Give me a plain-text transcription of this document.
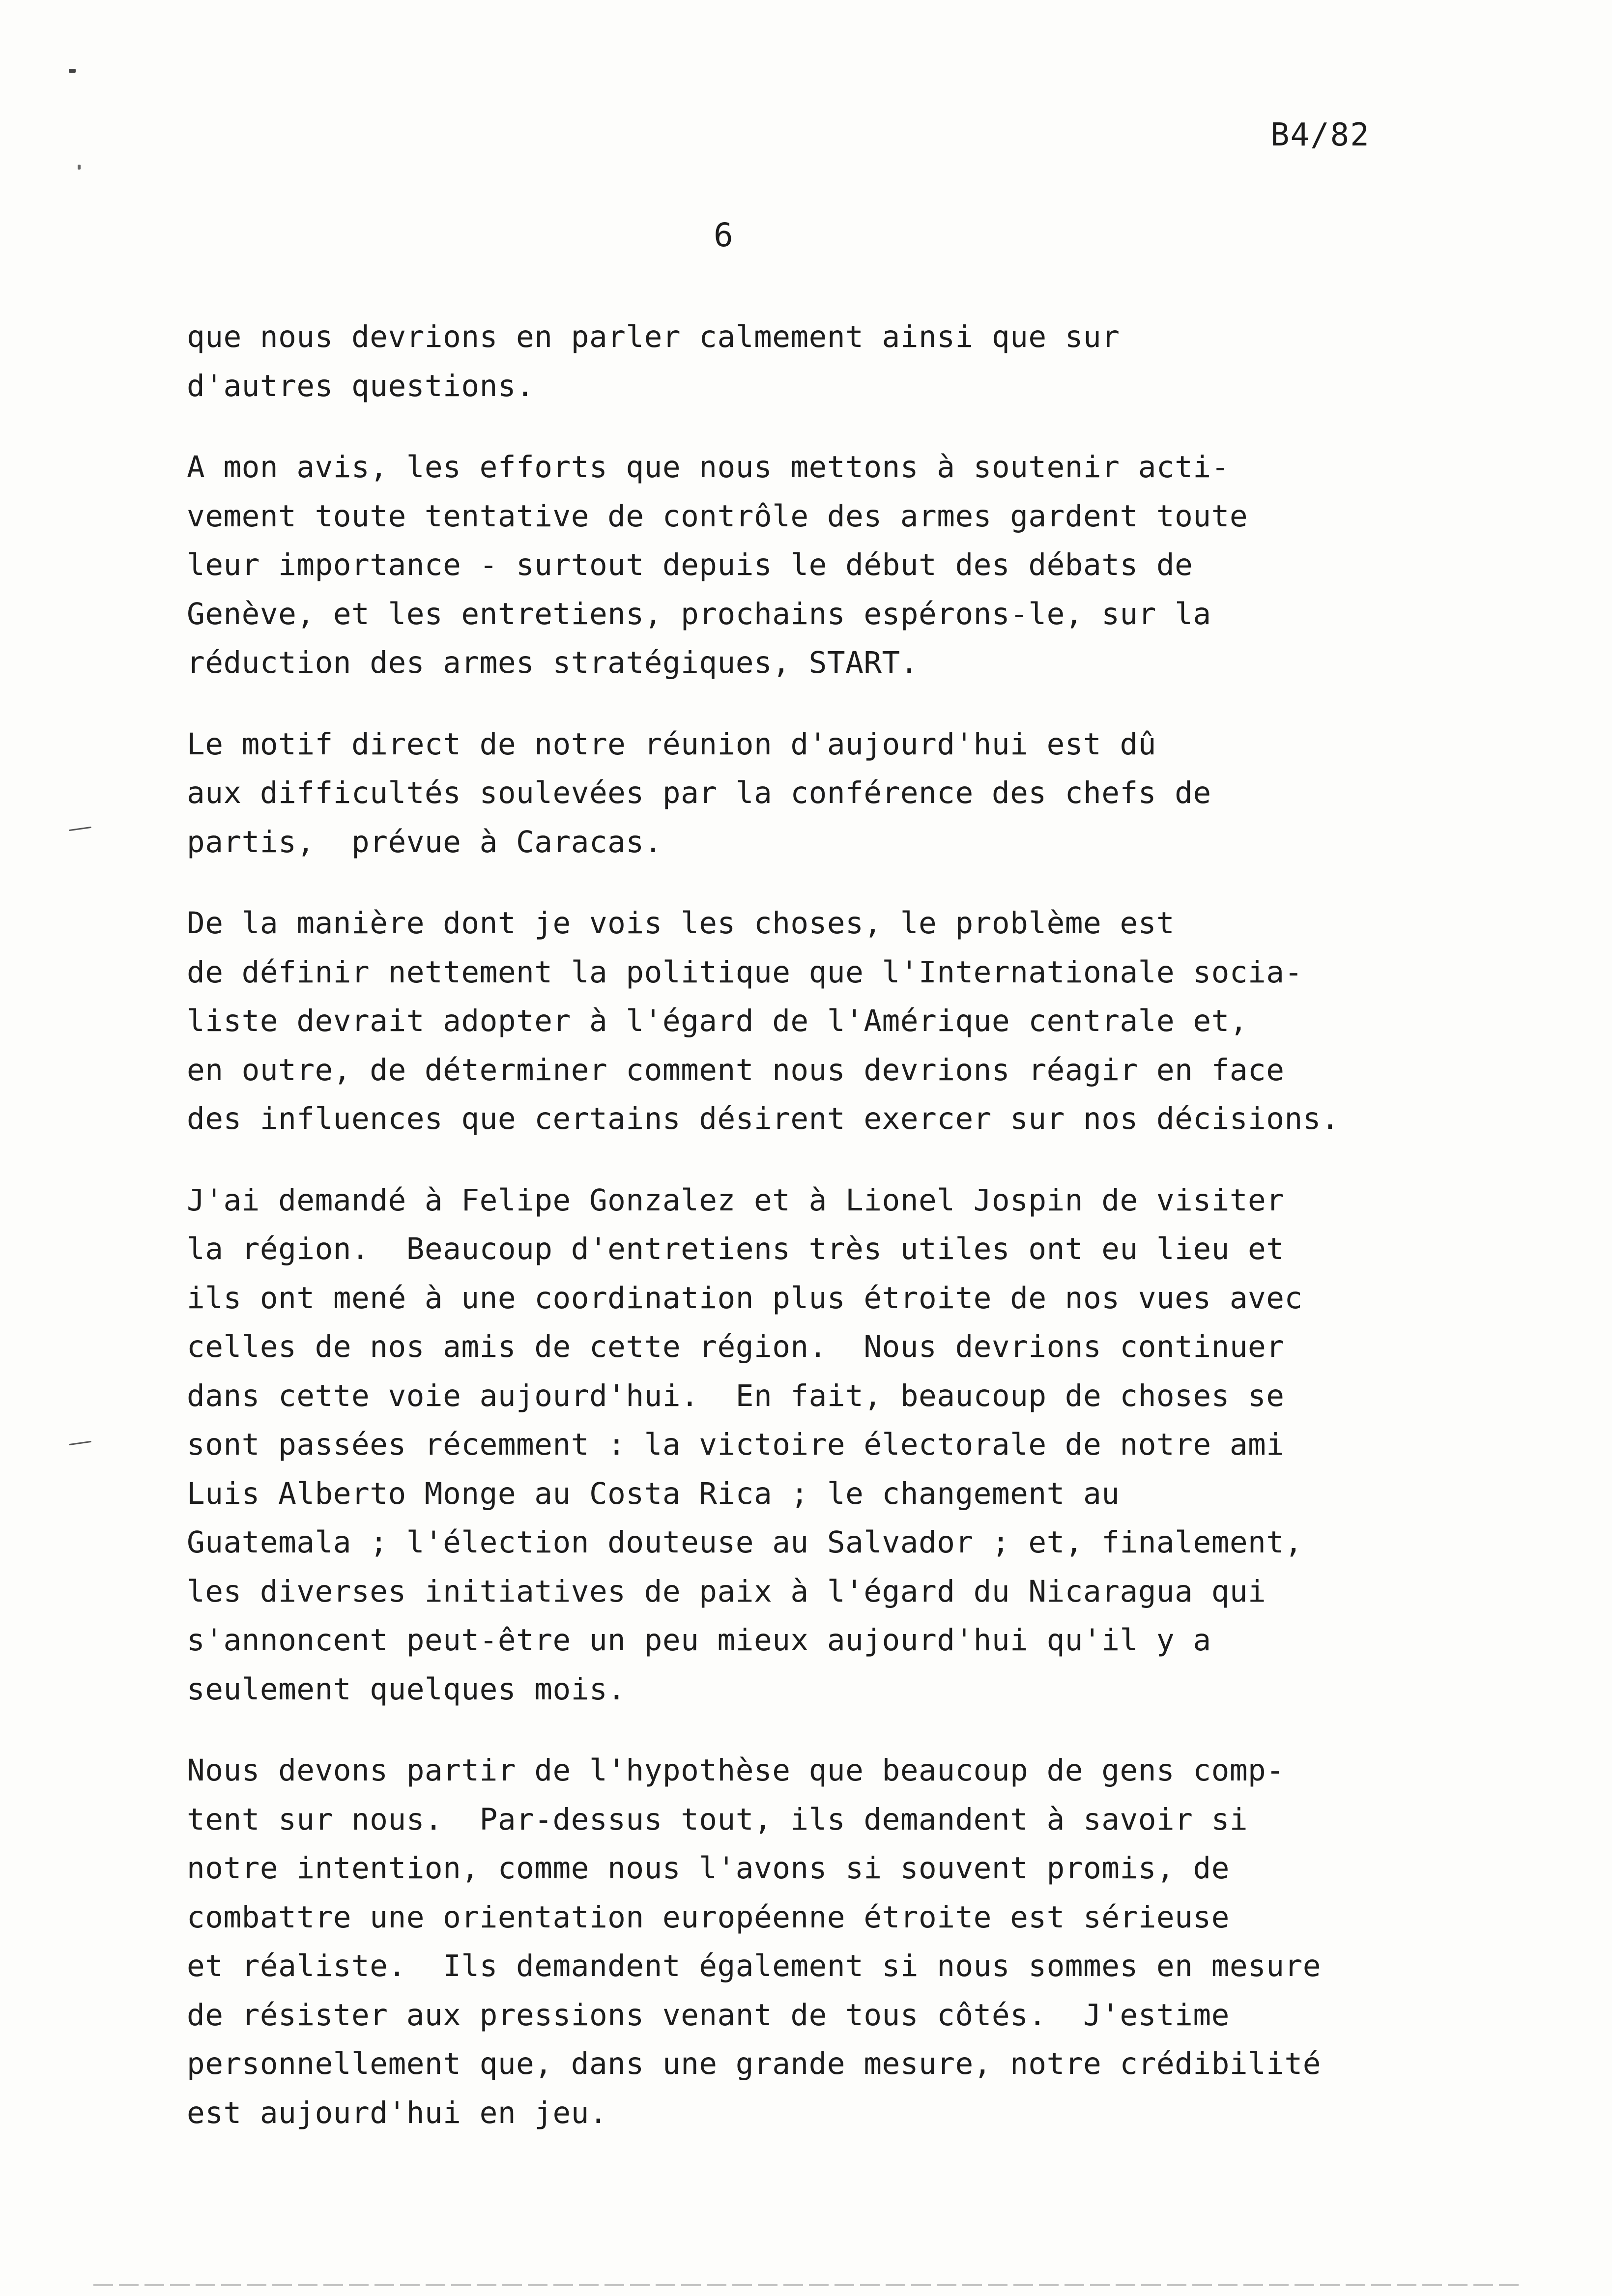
B4/82
6

que nous devrions en parler calmement ainsi que sur
d'autres questions.

A mon avis, les efforts que nous mettons à soutenir acti-
vement toute tentative de contrôle des armes gardent toute
leur importance - surtout depuis le début des débats de
Genève, et les entretiens, prochains espérons-le, sur la
réduction des armes stratégiques, START.

Le motif direct de notre réunion d'aujourd'hui est dû
aux difficultés soulevées par la conférence des chefs de
partis,  prévue à Caracas.

De la manière dont je vois les choses, le problème est
de définir nettement la politique que l'Internationale socia-
liste devrait adopter à l'égard de l'Amérique centrale et,
en outre, de déterminer comment nous devrions réagir en face
des influences que certains désirent exercer sur nos décisions.

J'ai demandé à Felipe Gonzalez et à Lionel Jospin de visiter
la région.  Beaucoup d'entretiens très utiles ont eu lieu et
ils ont mené à une coordination plus étroite de nos vues avec
celles de nos amis de cette région.  Nous devrions continuer
dans cette voie aujourd'hui.  En fait, beaucoup de choses se
sont passées récemment : la victoire électorale de notre ami
Luis Alberto Monge au Costa Rica ; le changement au
Guatemala ; l'élection douteuse au Salvador ; et, finalement,
les diverses initiatives de paix à l'égard du Nicaragua qui
s'annoncent peut-être un peu mieux aujourd'hui qu'il y a
seulement quelques mois.

Nous devons partir de l'hypothèse que beaucoup de gens comp-
tent sur nous.  Par-dessus tout, ils demandent à savoir si
notre intention, comme nous l'avons si souvent promis, de
combattre une orientation européenne étroite est sérieuse
et réaliste.  Ils demandent également si nous sommes en mesure
de résister aux pressions venant de tous côtés.  J'estime
personnellement que, dans une grande mesure, notre crédibilité
est aujourd'hui en jeu.
